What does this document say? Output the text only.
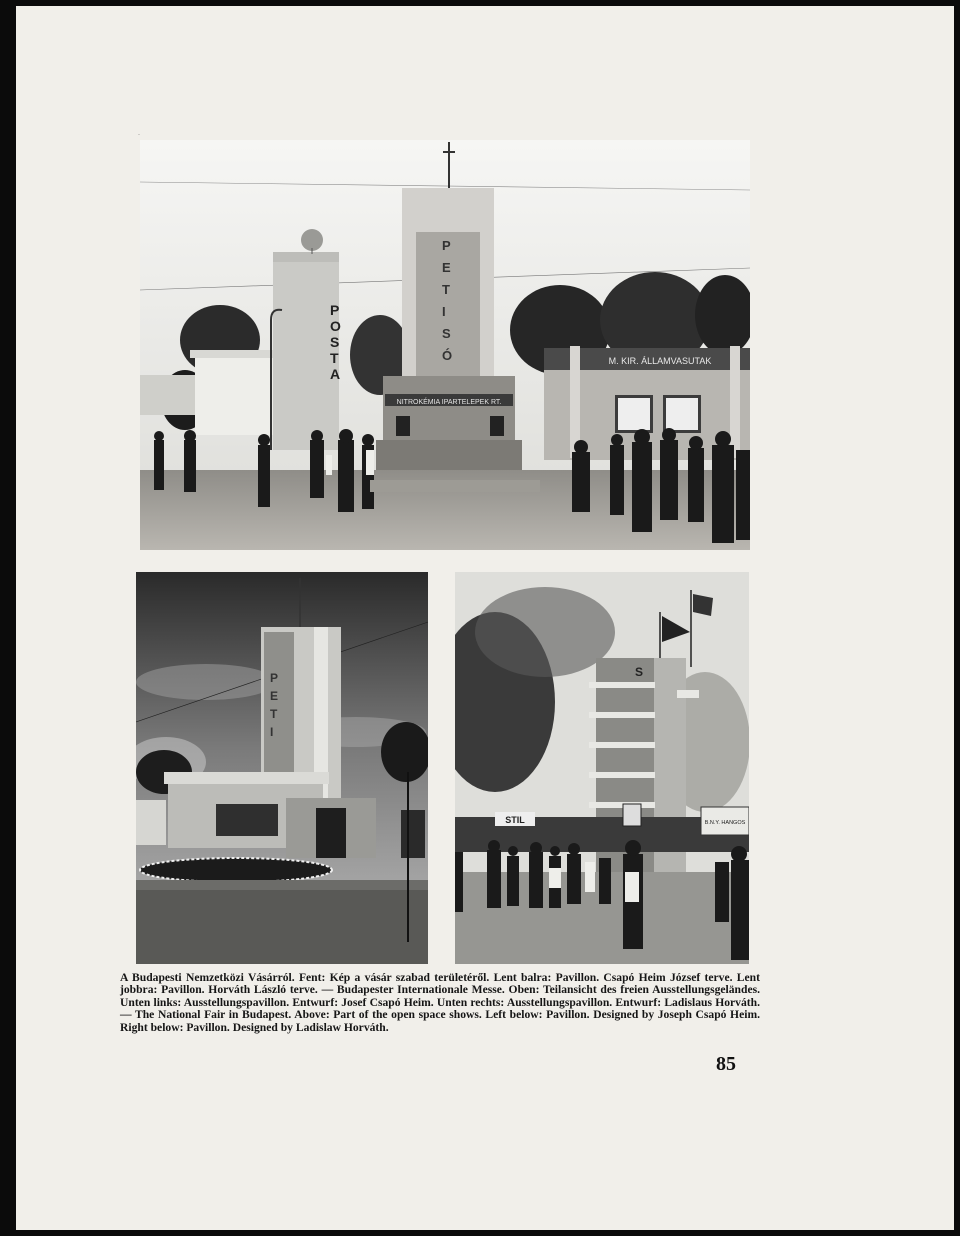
P O S T A
P E T I S Ó
NITROKÉMIA IPARTELEPEK RT.
M. KIR. ÁLLAMVASUTAK
P E T I
S
STIL	B.N.Y. HANGOS
·

A Budapesti Nemzetközi Vásárról. Fent: Kép a vásár szabad területéről. Lent balra: Pavillon. Csapó Heim József terve. Lent jobbra: Pavillon. Horváth László terve. — Budapester Internationale Messe. Oben: Teilansicht des freien Ausstellungsgeländes. Unten links: Ausstellungspavillon. Entwurf: Josef Csapó Heim. Unten rechts: Ausstellungspavillon. Entwurf: Ladislaus Horváth. — The National Fair in Budapest. Above: Part of the open space shows. Left below: Pavillon. Designed by Joseph Csapó Heim. Right below: Pavillon. Designed by Ladislaw Horváth.

85
